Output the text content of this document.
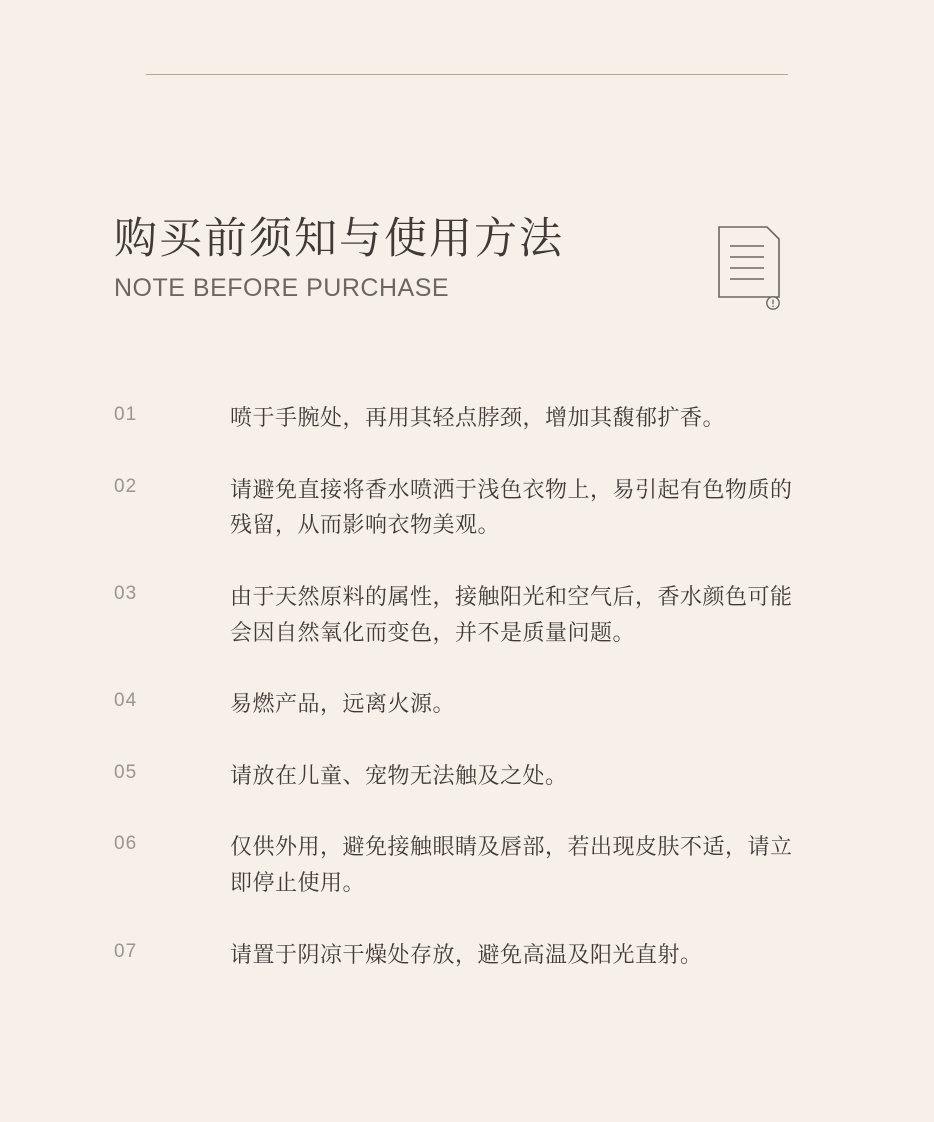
购买前须知与使用方法
NOTE BEFORE PURCHASE
01	喷于手腕处，再用其轻点脖颈，增加其馥郁扩香。
02	请避免直接将香水喷洒于浅色衣物上，易引起有色物质的残留，从而影响衣物美观。
03	由于天然原料的属性，接触阳光和空气后，香水颜色可能会因自然氧化而变色，并不是质量问题。
04	易燃产品，远离火源。
05	请放在儿童、宠物无法触及之处。
06	仅供外用，避免接触眼睛及唇部，若出现皮肤不适，请立即停止使用。
07	请置于阴凉干燥处存放，避免高温及阳光直射。
